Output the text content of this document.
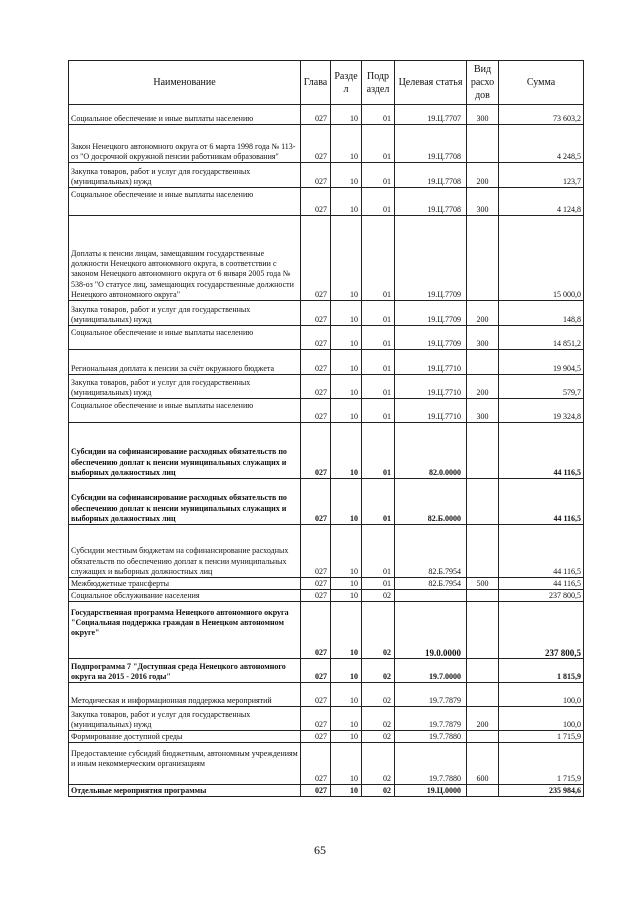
Наименование	Глава	Разде л	Подр аздел	Целевая статья	Вид расхо дов	Сумма
Социальное обеспечение и иные выплаты населению	027	10	01	19.Ц.7707	300	73 603,2
Закон Ненецкого автономного округа от 6 марта 1998 года № 113-оз "О досрочной окружной пенсии работникам образования"	027	10	01	19.Ц.7708		4 248,5
Закупка товаров, работ и услуг для государственных (муниципальных) нужд	027	10	01	19.Ц.7708	200	123,7
Социальное обеспечение и иные выплаты населению	027	10	01	19.Ц.7708	300	4 124,8
Доплаты к пенсии лицам, замещавшим государственные должности Ненецкого автономного округа, в соответствии с законом Ненецкого автономного округа от 6 января 2005 года № 538-оз "О статусе лиц, замещающих государственные должности Ненецкого автономного округа"	027	10	01	19.Ц.7709		15 000,0
Закупка товаров, работ и услуг для государственных (муниципальных) нужд	027	10	01	19.Ц.7709	200	148,8
Социальное обеспечение и иные выплаты населению	027	10	01	19.Ц.7709	300	14 851,2
Региональная доплата к пенсии за счёт окружного бюджета	027	10	01	19.Ц.7710		19 904,5
Закупка товаров, работ и услуг для государственных (муниципальных) нужд	027	10	01	19.Ц.7710	200	579,7
Социальное обеспечение и иные выплаты населению	027	10	01	19.Ц.7710	300	19 324,8
Субсидии на софинансирование расходных обязательств по обеспечению доплат к пенсии муниципальных служащих и выборных должностных лиц	027	10	01	82.0.0000		44 116,5
Субсидии на софинансирование расходных обязательств по обеспечению доплат к пенсии муниципальных служащих и выборных должностных лиц	027	10	01	82.Б.0000		44 116,5
Субсидии местным бюджетам на софинансирование расходных обязательств по обеспечению доплат к пенсии муниципальных служащих и выборных должностных лиц	027	10	01	82.Б.7954		44 116,5
Межбюджетные трансферты	027	10	01	82.Б.7954	500	44 116,5
Социальное обслуживание населения	027	10	02			237 800,5
Государственная программа Ненецкого автономного округа "Социальная поддержка граждан в Ненецком автономном округе"	027	10	02	19.0.0000		237 800,5
Подпрограмма 7 "Доступная среда Ненецкого автономного округа на 2015 - 2016 годы"	027	10	02	19.7.0000		1 815,9
Методическая и информационная поддержка мероприятий	027	10	02	19.7.7879		100,0
Закупка товаров, работ и услуг для государственных (муниципальных) нужд	027	10	02	19.7.7879	200	100,0
Формирование доступной среды	027	10	02	19.7.7880		1 715,9
Предоставление субсидий бюджетным, автономным учреждениям и иным некоммерческим организациям	027	10	02	19.7.7880	600	1 715,9
Отдельные мероприятия программы	027	10	02	19.Ц.0000		235 984,6
65
